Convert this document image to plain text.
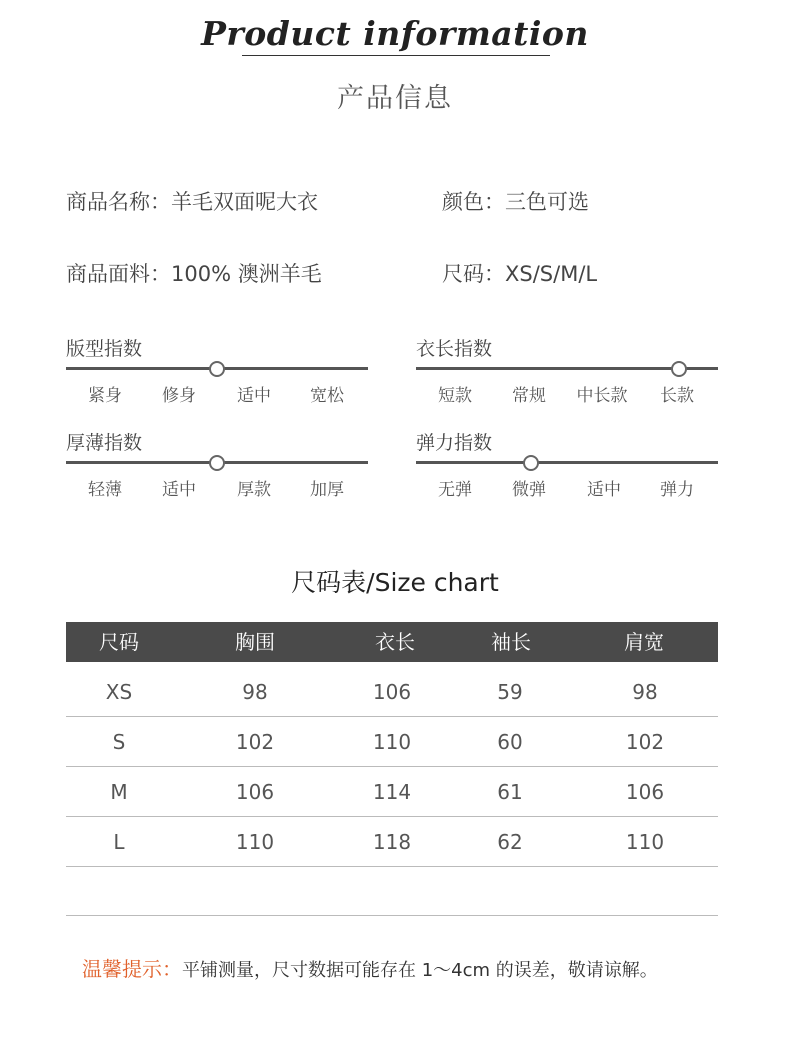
Product information
产品信息
商品名称：羊毛双面呢大衣	颜色：三色可选
商品面料：100% 澳洲羊毛	尺码：XS/S/M/L
版型指数
紧身	修身	适中	宽松
衣长指数
短款	常规	中长款	长款
厚薄指数
轻薄	适中	厚款	加厚
弹力指数
无弹	微弹	适中	弹力
尺码表/Size chart
尺码	胸围	衣长	袖长	肩宽
XS	98	106	59	98
S	102	110	60	102
M	106	114	61	106
L	110	118	62	110
温馨提示：平铺测量，尺寸数据可能存在 1～4cm 的误差，敬请谅解。
